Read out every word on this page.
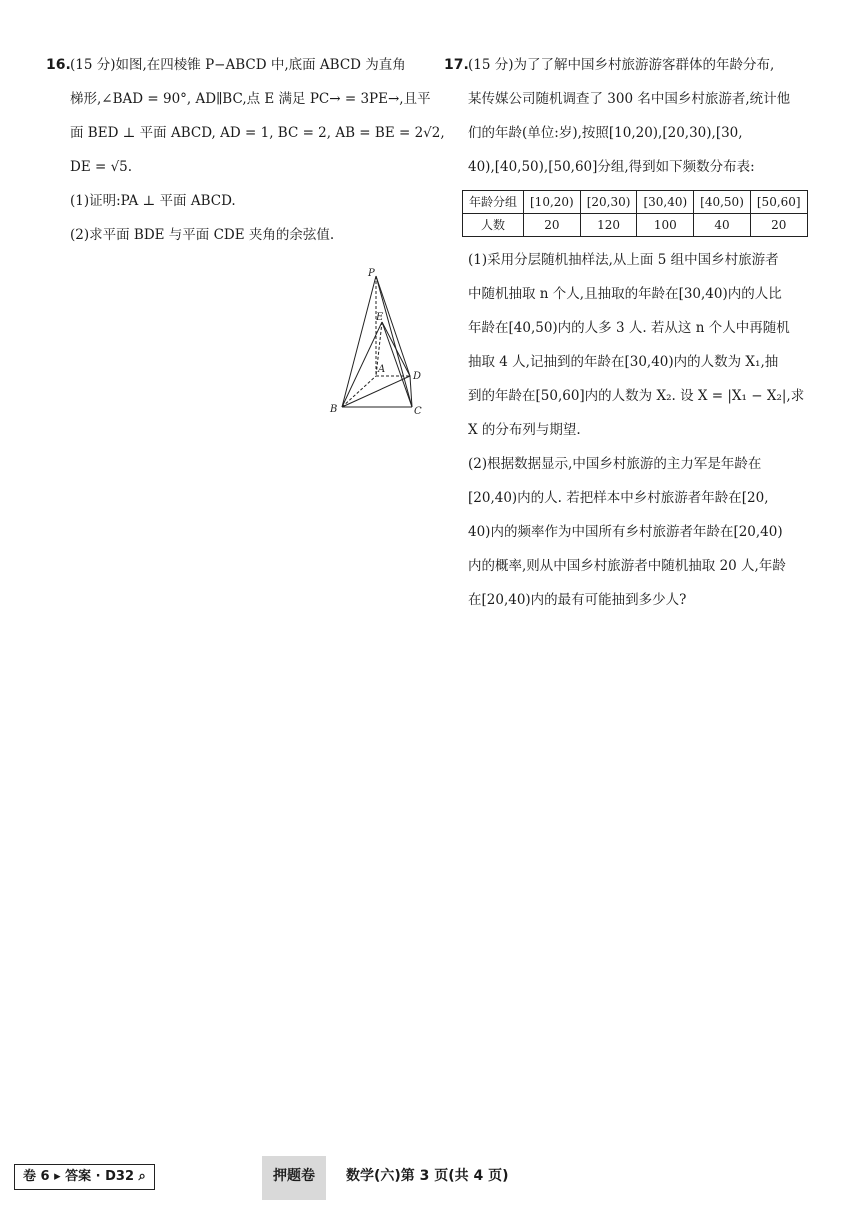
16. (15 分)如图,在四棱锥 P−ABCD 中,底面 ABCD 为直角
梯形,∠BAD = 90°, AD∥BC,点 E 满足 PC→ = 3PE→,且平
面 BED ⊥ 平面 ABCD, AD = 1, BC = 2, AB = BE = 2√2,
DE = √5.
(1)证明:PA ⊥ 平面 ABCD.
(2)求平面 BDE 与平面 CDE 夹角的余弦值.
P
E
A
D
B	C
17. (15 分)为了了解中国乡村旅游游客群体的年龄分布,
某传媒公司随机调查了 300 名中国乡村旅游者,统计他
们的年龄(单位:岁),按照[10,20),[20,30),[30,
40),[40,50),[50,60]分组,得到如下频数分布表:
年龄分组	[10,20)	[20,30)	[30,40)	[40,50)	[50,60]
人数	20	120	100	40	20
(1)采用分层随机抽样法,从上面 5 组中国乡村旅游者
中随机抽取 n 个人,且抽取的年龄在[30,40)内的人比
年龄在[40,50)内的人多 3 人. 若从这 n 个人中再随机
抽取 4 人,记抽到的年龄在[30,40)内的人数为 X₁,抽
到的年龄在[50,60]内的人数为 X₂. 设 X = |X₁ − X₂|,求
X 的分布列与期望.
(2)根据数据显示,中国乡村旅游的主力军是年龄在
[20,40)内的人. 若把样本中乡村旅游者年龄在[20,
40)内的频率作为中国所有乡村旅游者年龄在[20,40)
内的概率,则从中国乡村旅游者中随机抽取 20 人,年龄
在[20,40)内的最有可能抽到多少人?
卷 6 ▸ 答案 · D32 ⌕	押题卷	数学(六)第 3 页(共 4 页)
